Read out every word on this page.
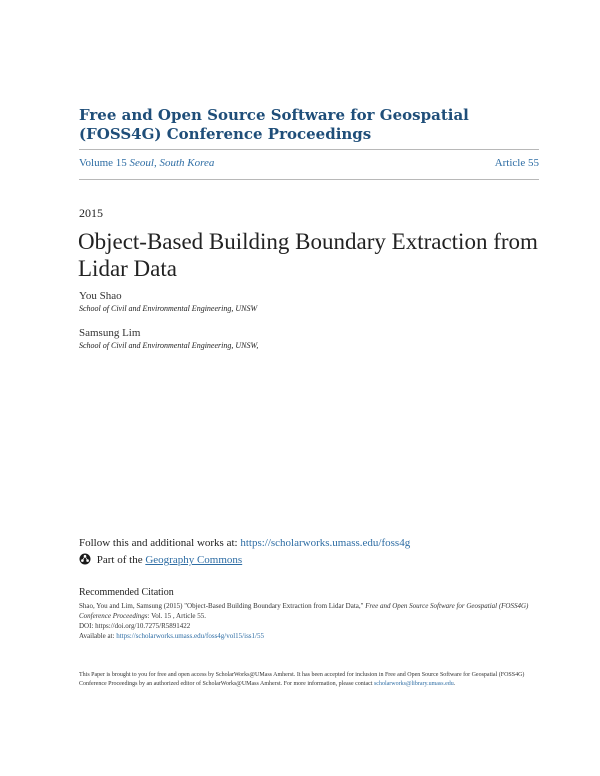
Free and Open Source Software for Geospatial (FOSS4G) Conference Proceedings
Volume 15 Seoul, South Korea	Article 55
2015
Object-Based Building Boundary Extraction from Lidar Data
You Shao
School of Civil and Environmental Engineering, UNSW
Samsung Lim
School of Civil and Environmental Engineering, UNSW,
Follow this and additional works at: https://scholarworks.umass.edu/foss4g
Part of the Geography Commons
Recommended Citation
Shao, You and Lim, Samsung (2015) "Object-Based Building Boundary Extraction from Lidar Data," Free and Open Source Software for Geospatial (FOSS4G) Conference Proceedings: Vol. 15 , Article 55.
DOI: https://doi.org/10.7275/R5891422
Available at: https://scholarworks.umass.edu/foss4g/vol15/iss1/55
This Paper is brought to you for free and open access by ScholarWorks@UMass Amherst. It has been accepted for inclusion in Free and Open Source Software for Geospatial (FOSS4G) Conference Proceedings by an authorized editor of ScholarWorks@UMass Amherst. For more information, please contact scholarworks@library.umass.edu.
